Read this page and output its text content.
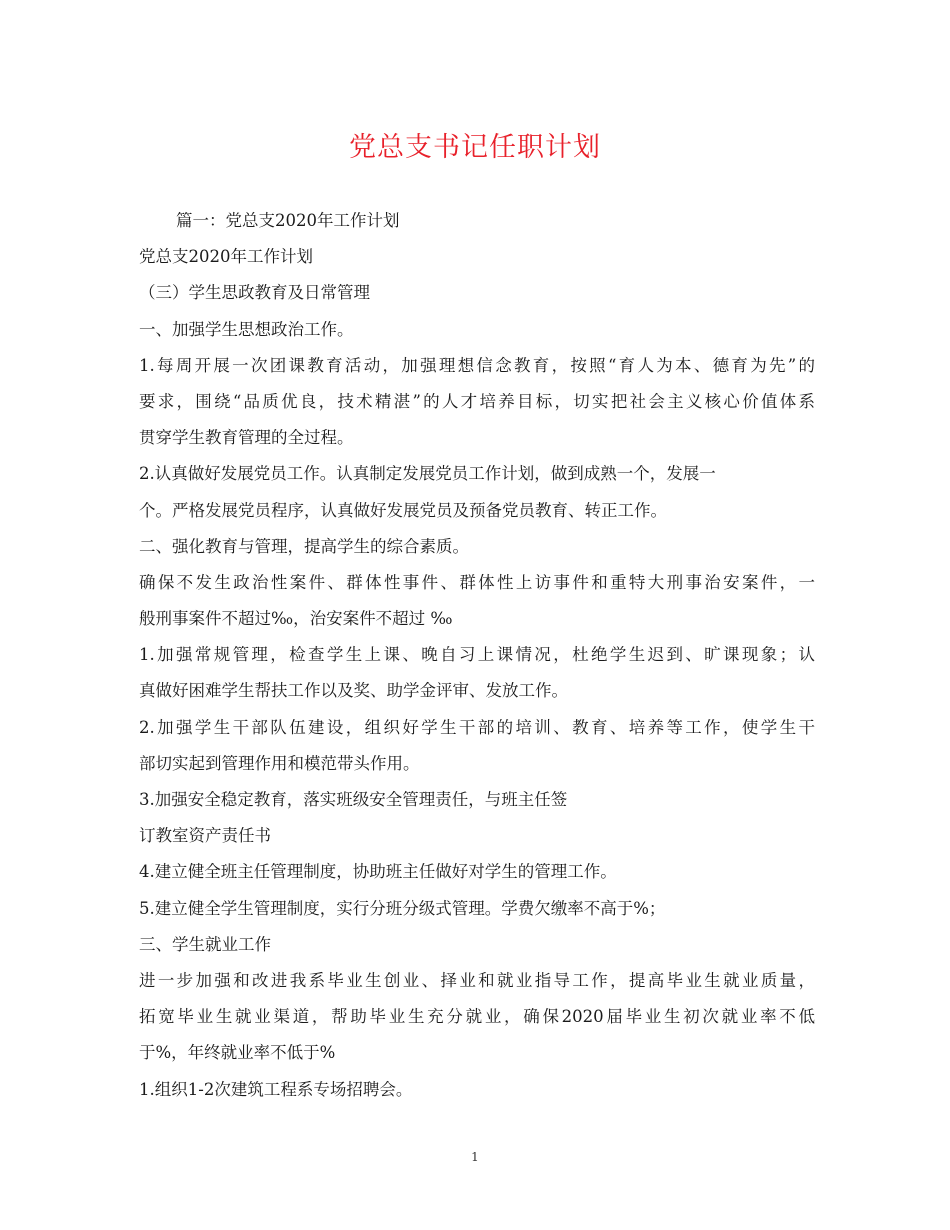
党总支书记任职计划
篇一：党总支2020年工作计划
党总支2020年工作计划
（三）学生思政教育及日常管理
一、加强学生思想政治工作。
1.每周开展一次团课教育活动，加强理想信念教育，按照“育人为本、德育为先”的
要求，围绕“品质优良，技术精湛”的人才培养目标，切实把社会主义核心价值体系
贯穿学生教育管理的全过程。
2.认真做好发展党员工作。认真制定发展党员工作计划，做到成熟一个，发展一
个。严格发展党员程序，认真做好发展党员及预备党员教育、转正工作。
二、强化教育与管理，提高学生的综合素质。
确保不发生政治性案件、群体性事件、群体性上访事件和重特大刑事治安案件，一
般刑事案件不超过‰，治安案件不超过 ‰
1.加强常规管理，检查学生上课、晚自习上课情况，杜绝学生迟到、旷课现象；认
真做好困难学生帮扶工作以及奖、助学金评审、发放工作。
2.加强学生干部队伍建设，组织好学生干部的培训、教育、培养等工作，使学生干
部切实起到管理作用和模范带头作用。
3.加强安全稳定教育，落实班级安全管理责任，与班主任签
订教室资产责任书
4.建立健全班主任管理制度，协助班主任做好对学生的管理工作。
5.建立健全学生管理制度，实行分班分级式管理。学费欠缴率不高于%；
三、学生就业工作
进一步加强和改进我系毕业生创业、择业和就业指导工作，提高毕业生就业质量，
拓宽毕业生就业渠道，帮助毕业生充分就业，确保2020届毕业生初次就业率不低
于%，年终就业率不低于%
1.组织1-2次建筑工程系专场招聘会。
1
